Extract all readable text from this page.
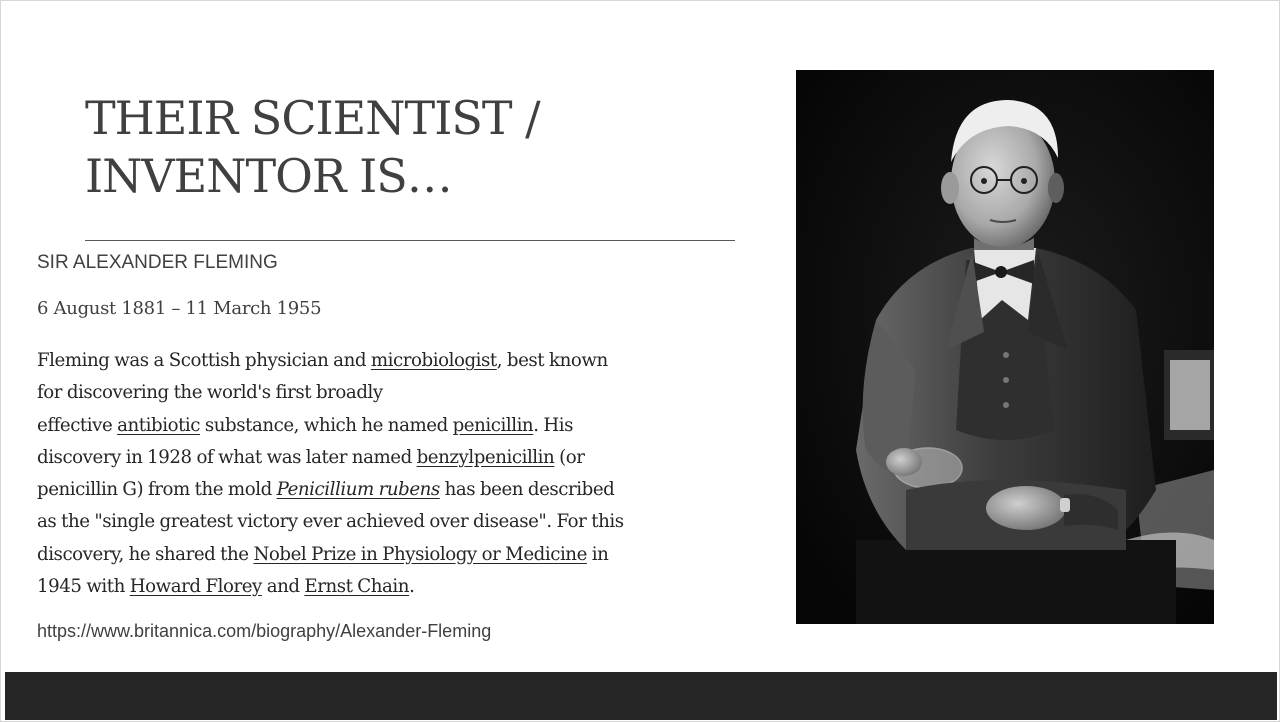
THEIR SCIENTIST /
INVENTOR IS…

SIR ALEXANDER FLEMING

6 August 1881 – 11 March 1955

Fleming was a Scottish physician and microbiologist, best known
for discovering the world's first broadly
effective antibiotic substance, which he named penicillin. His
discovery in 1928 of what was later named benzylpenicillin (or
penicillin G) from the mold Penicillium rubens has been described
as the "single greatest victory ever achieved over disease". For this
discovery, he shared the Nobel Prize in Physiology or Medicine in
1945 with Howard Florey and Ernst Chain.

https://www.britannica.com/biography/Alexander-Fleming
